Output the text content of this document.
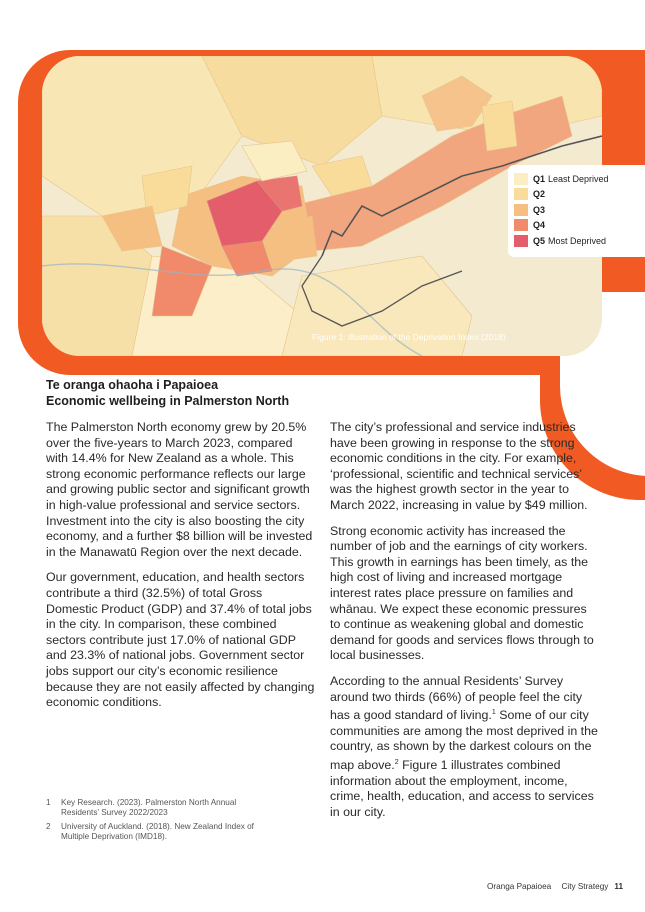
Figure 1: Illustration of the Deprivation Index (2018)
Q1 Least Deprived
Q2
Q3
Q4
Q5 Most Deprived
Te oranga ohaoha i Papaioea
Economic wellbeing in Palmerston North

The Palmerston North economy grew by 20.5% over the five-years to March 2023, compared with 14.4% for New Zealand as a whole. This strong economic performance reflects our large and growing public sector and significant growth in high-value professional and service sectors. Investment into the city is also boosting the city economy, and a further $8 billion will be invested in the Manawatū Region over the next decade.

Our government, education, and health sectors contribute a third (32.5%) of total Gross Domestic Product (GDP) and 37.4% of total jobs in the city. In comparison, these combined sectors contribute just 17.0% of national GDP and 23.3% of national jobs. Government sector jobs support our city’s economic resilience because they are not easily affected by changing economic conditions.

The city’s professional and service industries have been growing in response to the strong economic conditions in the city. For example, ‘professional, scientific and technical services’ was the highest growth sector in the year to March 2022, increasing in value by $49 million.

Strong economic activity has increased the number of job and the earnings of city workers. This growth in earnings has been timely, as the high cost of living and increased mortgage interest rates place pressure on families and whānau. We expect these economic pressures to continue as weakening global and domestic demand for goods and services flows through to local businesses.

According to the annual Residents’ Survey around two thirds (66%) of people feel the city has a good standard of living.$^1$ Some of our city communities are among the most deprived in the country, as shown by the darkest colours on the map above.$^2$ Figure 1 illustrates combined information about the employment, income, crime, health, education, and access to services in our city.

1	Key Research. (2023). Palmerston North Annual Residents’ Survey 2022/2023
2	University of Auckland. (2018). New Zealand Index of Multiple Deprivation (IMD18).
Oranga Papaioea City Strategy 11
